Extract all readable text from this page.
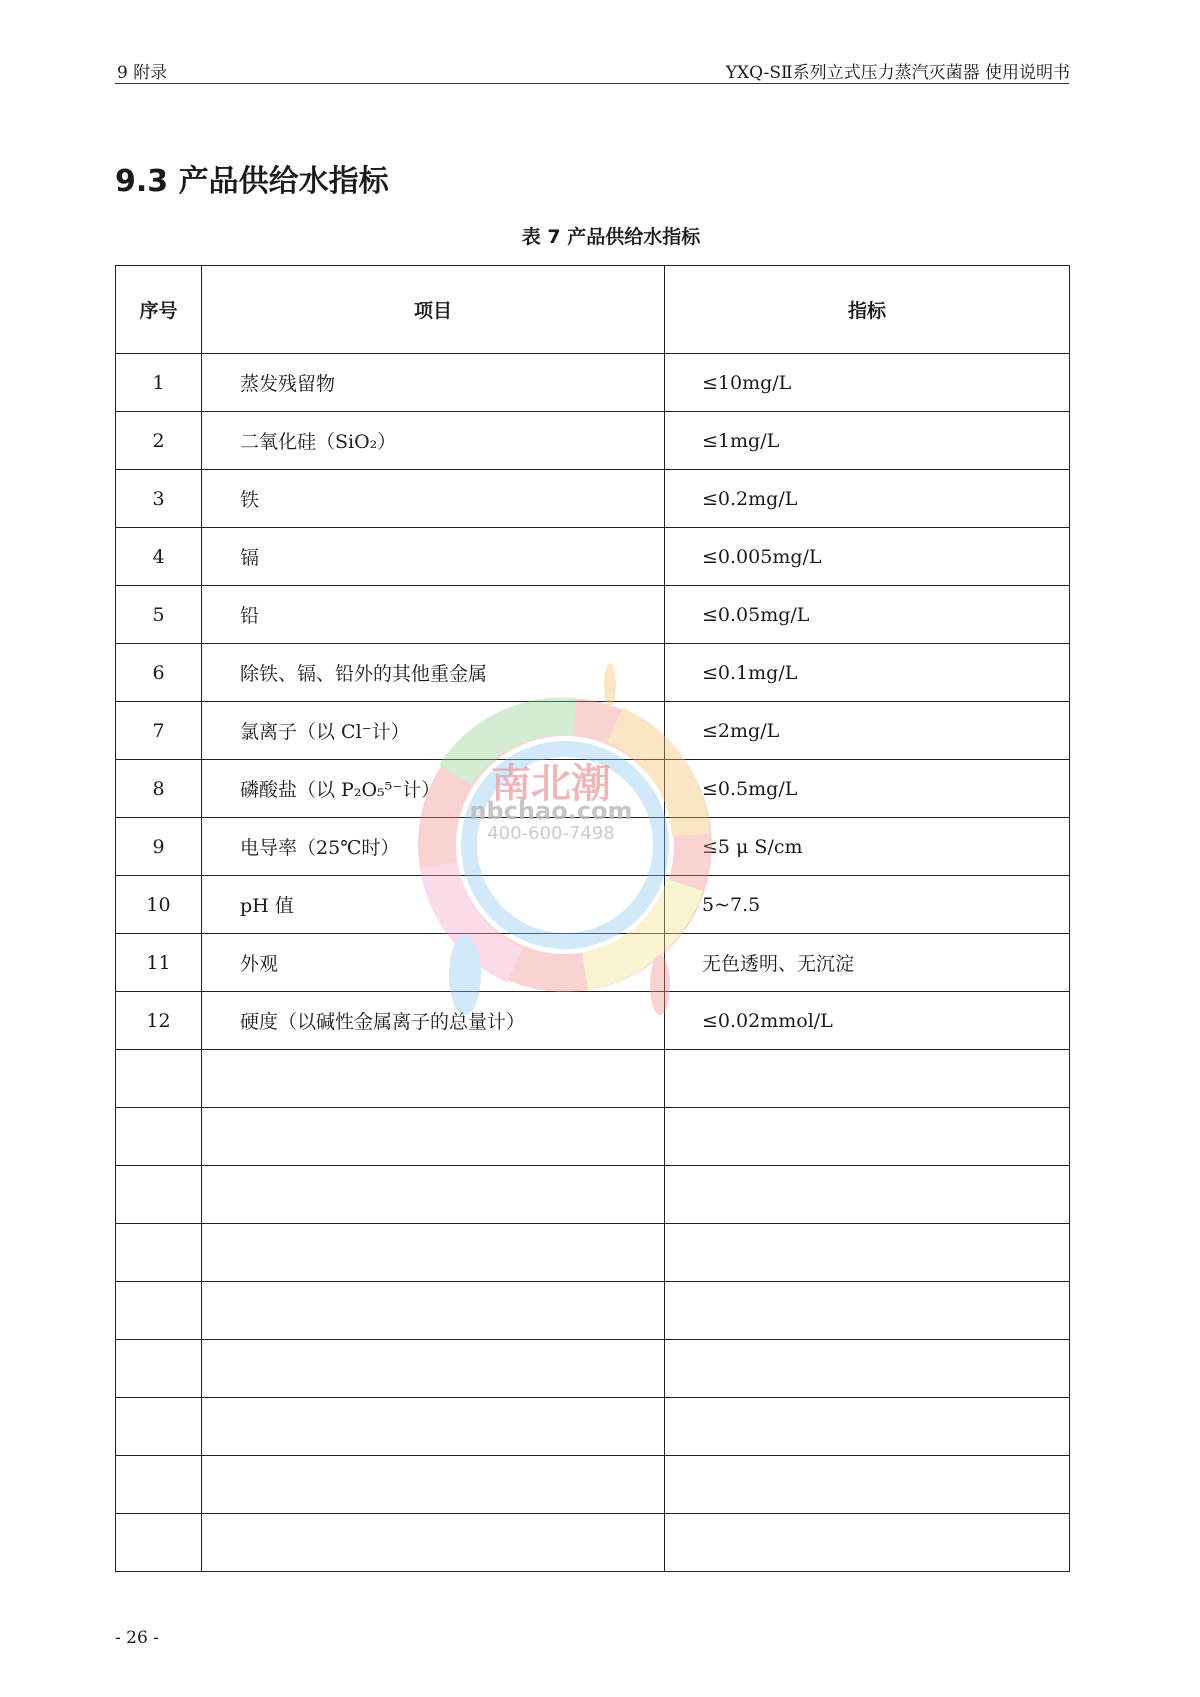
9 附录	YXQ-SⅡ系列立式压力蒸汽灭菌器 使用说明书
9.3 产品供给水指标
表 7 产品供给水指标
序号	项目	指标
1	蒸发残留物	≤10mg/L
2	二氧化硅（SiO₂）	≤1mg/L
3	铁	≤0.2mg/L
4	镉	≤0.005mg/L
5	铅	≤0.05mg/L
6	除铁、镉、铅外的其他重金属	≤0.1mg/L
7	氯离子（以 Cl⁻计）	≤2mg/L
8	磷酸盐（以 P₂O₅⁵⁻计）	≤0.5mg/L
9	电导率（25℃时）	≤5 μ S/cm
10	pH 值	5~7.5
11	外观	无色透明、无沉淀
12	硬度（以碱性金属离子的总量计）	≤0.02mmol/L

南北潮
nbchao.com
400-600-7498
- 26 -
